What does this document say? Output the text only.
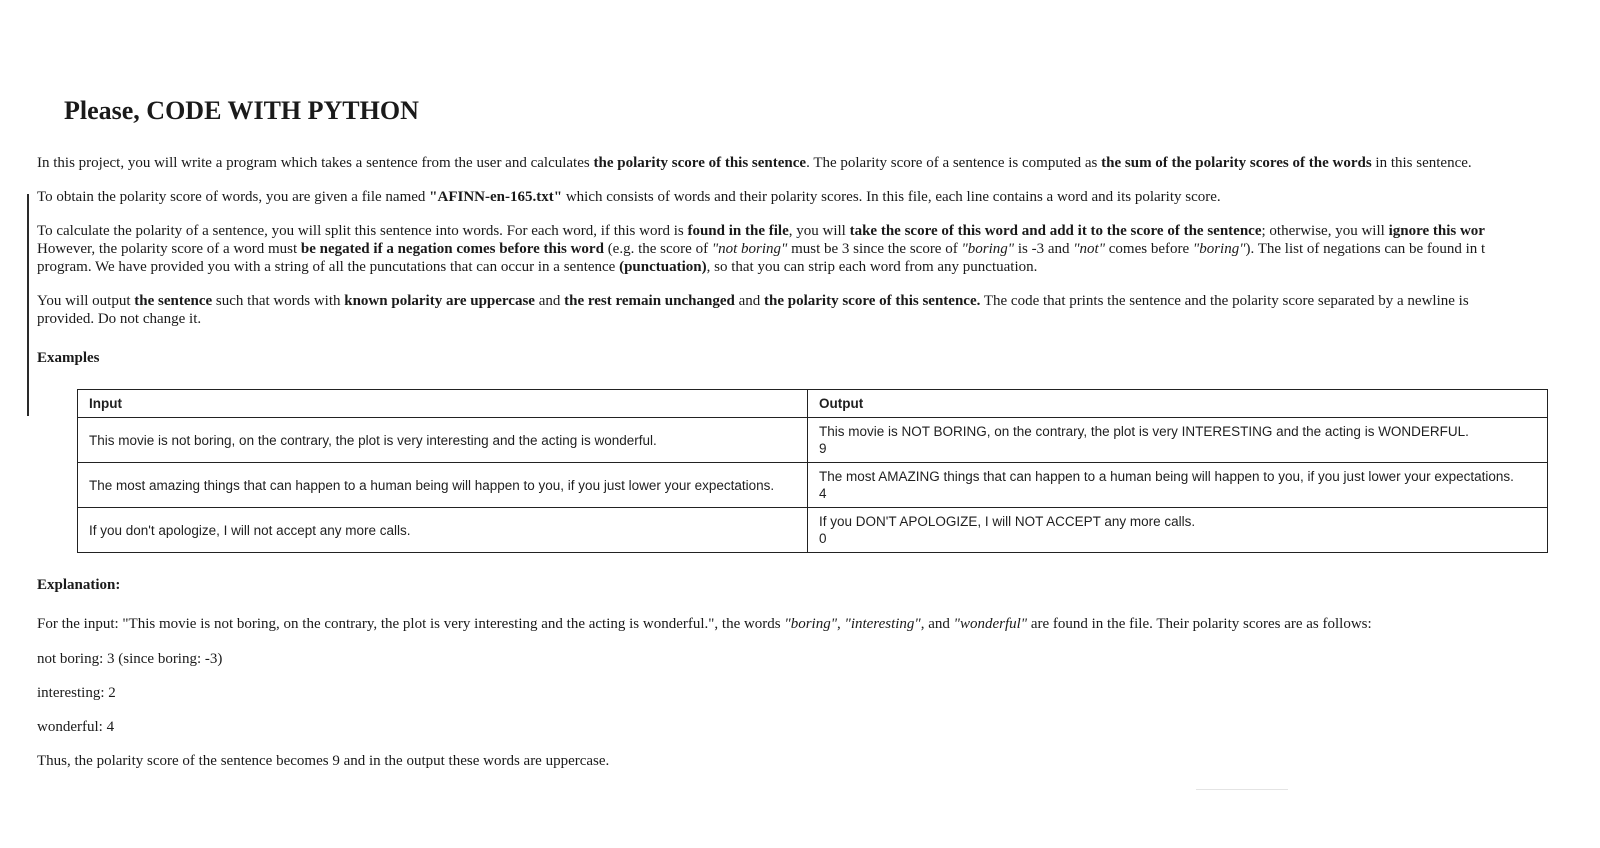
Please, CODE WITH PYTHON

In this project, you will write a program which takes a sentence from the user and calculates the polarity score of this sentence. The polarity score of a sentence is computed as the sum of the polarity scores of the words in this sentence.

To obtain the polarity score of words, you are given a file named "AFINN-en-165.txt" which consists of words and their polarity scores. In this file, each line contains a word and its polarity score.

To calculate the polarity of a sentence, you will split this sentence into words. For each word, if this word is found in the file, you will take the score of this word and add it to the score of the sentence; otherwise, you will ignore this wor
However, the polarity score of a word must be negated if a negation comes before this word (e.g. the score of "not boring" must be 3 since the score of "boring" is -3 and "not" comes before "boring"). The list of negations can be found in t
program. We have provided you with a string of all the puncutations that can occur in a sentence (punctuation), so that you can strip each word from any punctuation.
You will output the sentence such that words with known polarity are uppercase and the rest remain unchanged and the polarity score of this sentence. The code that prints the sentence and the polarity score separated by a newline is
provided. Do not change it.
Examples
Input	Output
This movie is not boring, on the contrary, the plot is very interesting and the acting is wonderful.	This movie is NOT BORING, on the contrary, the plot is very INTERESTING and the acting is WONDERFUL.
9

The most amazing things that can happen to a human being will happen to you, if you just lower your expectations.	The most AMAZING things that can happen to a human being will happen to you, if you just lower your expectations.
4

If you don't apologize, I will not accept any more calls.	If you DON'T APOLOGIZE, I will NOT ACCEPT any more calls.
0
Explanation:

For the input: "This movie is not boring, on the contrary, the plot is very interesting and the acting is wonderful.", the words "boring", "interesting", and "wonderful" are found in the file. Their polarity scores are as follows:

not boring: 3 (since boring: -3)

interesting: 2

wonderful: 4

Thus, the polarity score of the sentence becomes 9 and in the output these words are uppercase.
